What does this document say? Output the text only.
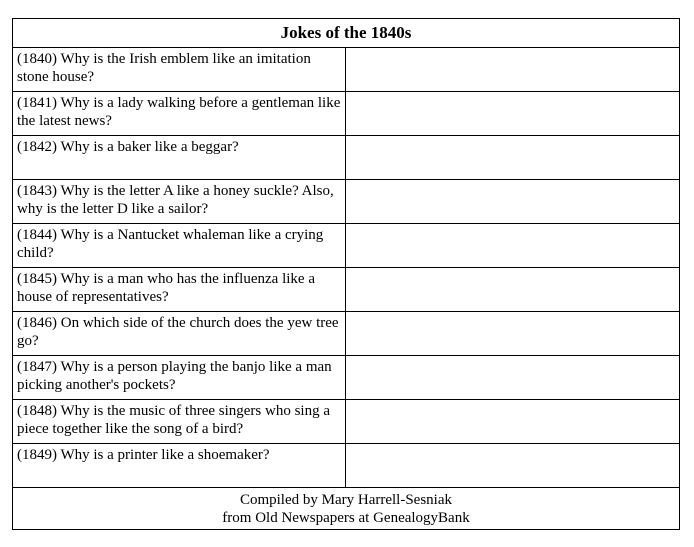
Jokes of the 1840s	
(1840) Why is the Irish emblem like an imitation stone house?	
(1841) Why is a lady walking before a gentleman like the latest news?	
(1842) Why is a baker like a beggar?	
(1843) Why is the letter A like a honey suckle? Also, why is the letter D like a sailor?	
(1844) Why is a Nantucket whaleman like a crying child?	
(1845) Why is a man who has the influenza like a house of representatives?	
(1846) On which side of the church does the yew tree go?	
(1847) Why is a person playing the banjo like a man picking another's pockets?	
(1848) Why is the music of three singers who sing a piece together like the song of a bird?	
(1849) Why is a printer like a shoemaker?	

Compiled by Mary Harrell-Sesniak
from Old Newspapers at GenealogyBank	
